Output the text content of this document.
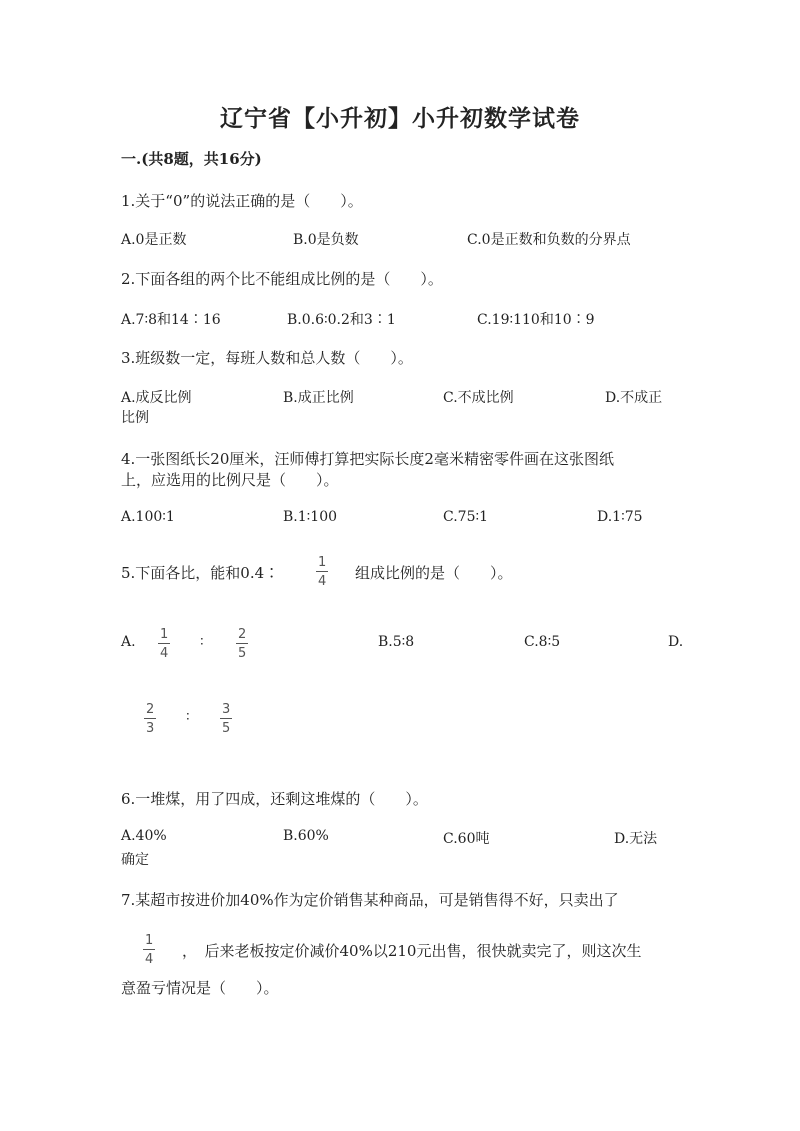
辽宁省【小升初】小升初数学试卷
一.(共8题，共16分)
1.关于“0”的说法正确的是（　　）。
A.0是正数	B.0是负数	C.0是正数和负数的分界点
2.下面各组的两个比不能组成比例的是（　　）。
A.7∶8和14∶16	B.0.6∶0.2和3∶1	C.19∶110和10∶9
3.班级数一定，每班人数和总人数（　　）。
A.成反比例	B.成正比例	C.不成比例	D.不成正
比例
4.一张图纸长20厘米，汪师傅打算把实际长度2毫米精密零件画在这张图纸
上，应选用的比例尺是（　　）。
A.100∶1	B.1∶100	C.75∶1	D.1∶75
5.下面各比，能和0.4∶
1
4 组成比例的是（　　）。
A. 1
4
∶	2
5
B.5∶8	C.8∶5	D.
2
3
∶ 3
5
6.一堆煤，用了四成，还剩这堆煤的（　　）。
A.40%	B.60%	C.60吨	D.无法
确定
7.某超市按进价加40%作为定价销售某种商品，可是销售得不好，只卖出了
1
4 ，　后来老板按定价减价40%以210元出售，很快就卖完了，则这次生
意盈亏情况是（　　）。
